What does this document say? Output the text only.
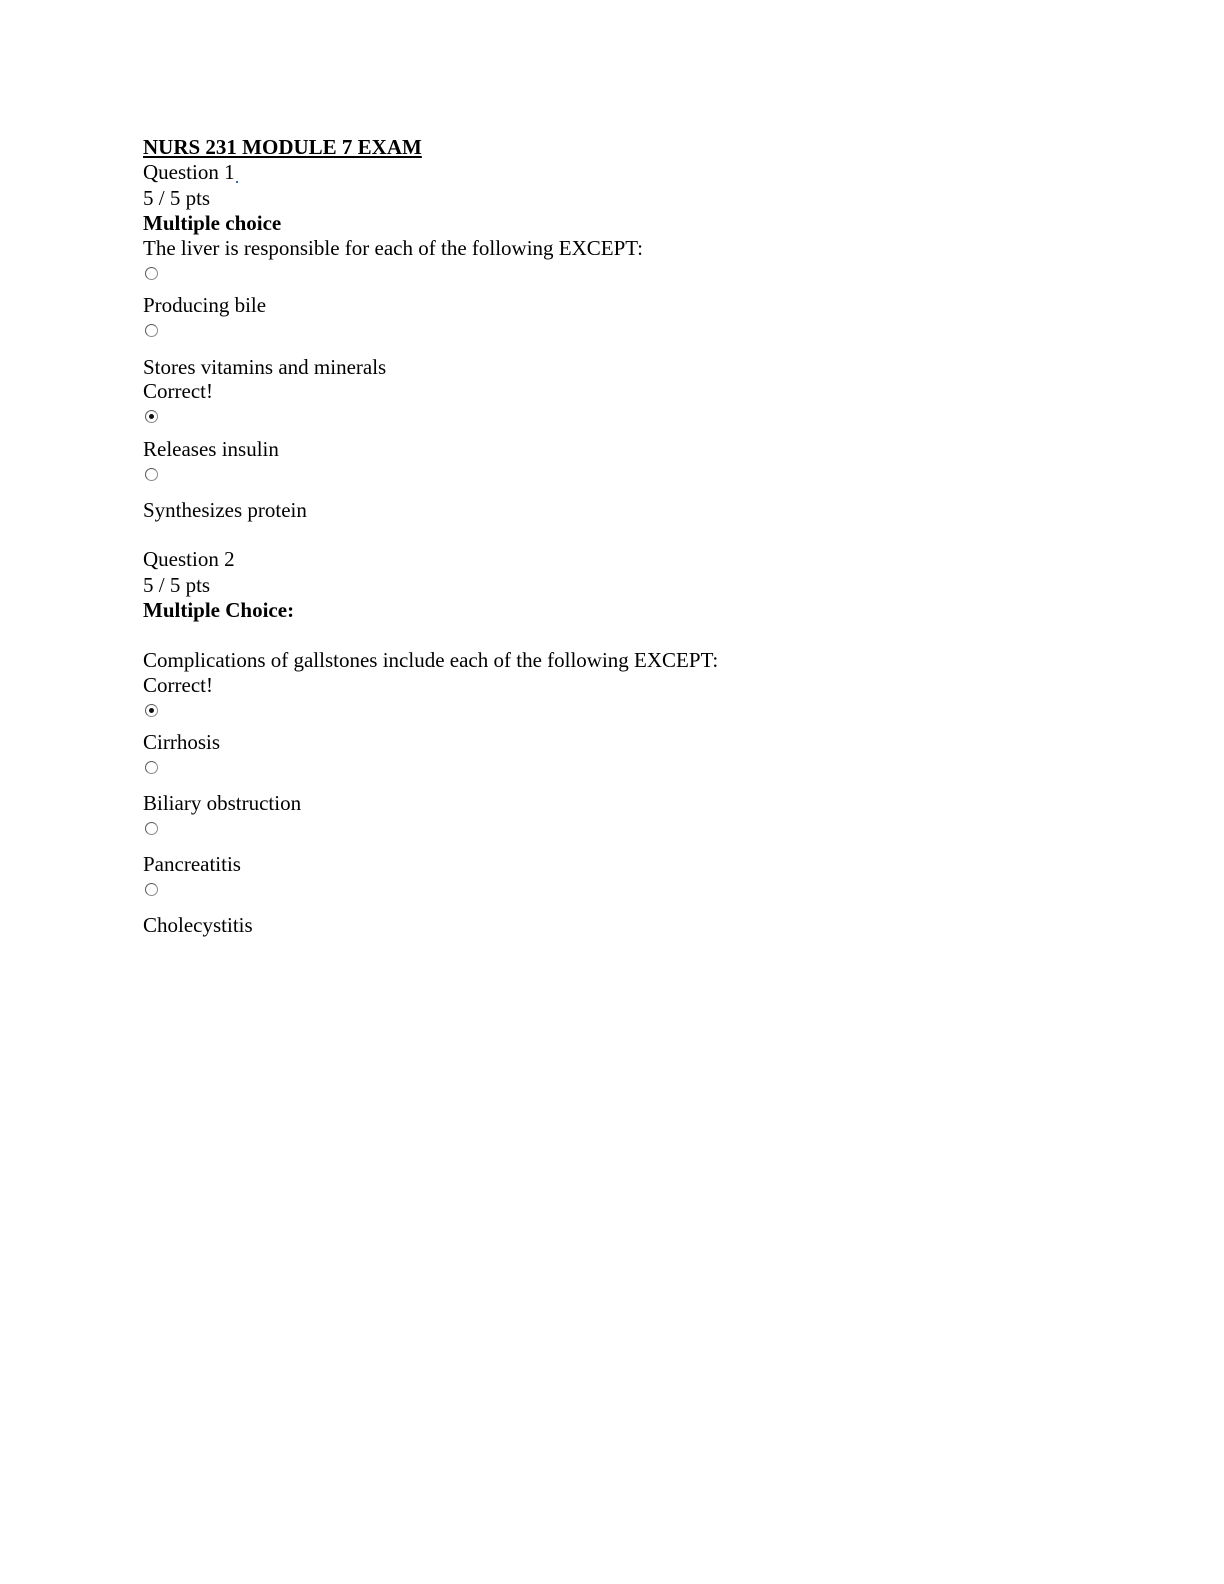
NURS 231 MODULE 7 EXAM
Question 1
5 / 5 pts
Multiple choice
The liver is responsible for each of the following EXCEPT:
Producing bile
Stores vitamins and minerals
Correct!
Releases insulin
Synthesizes protein
Question 2
5 / 5 pts
Multiple Choice:
Complications of gallstones include each of the following EXCEPT:
Correct!
Cirrhosis
Biliary obstruction
Pancreatitis
Cholecystitis
